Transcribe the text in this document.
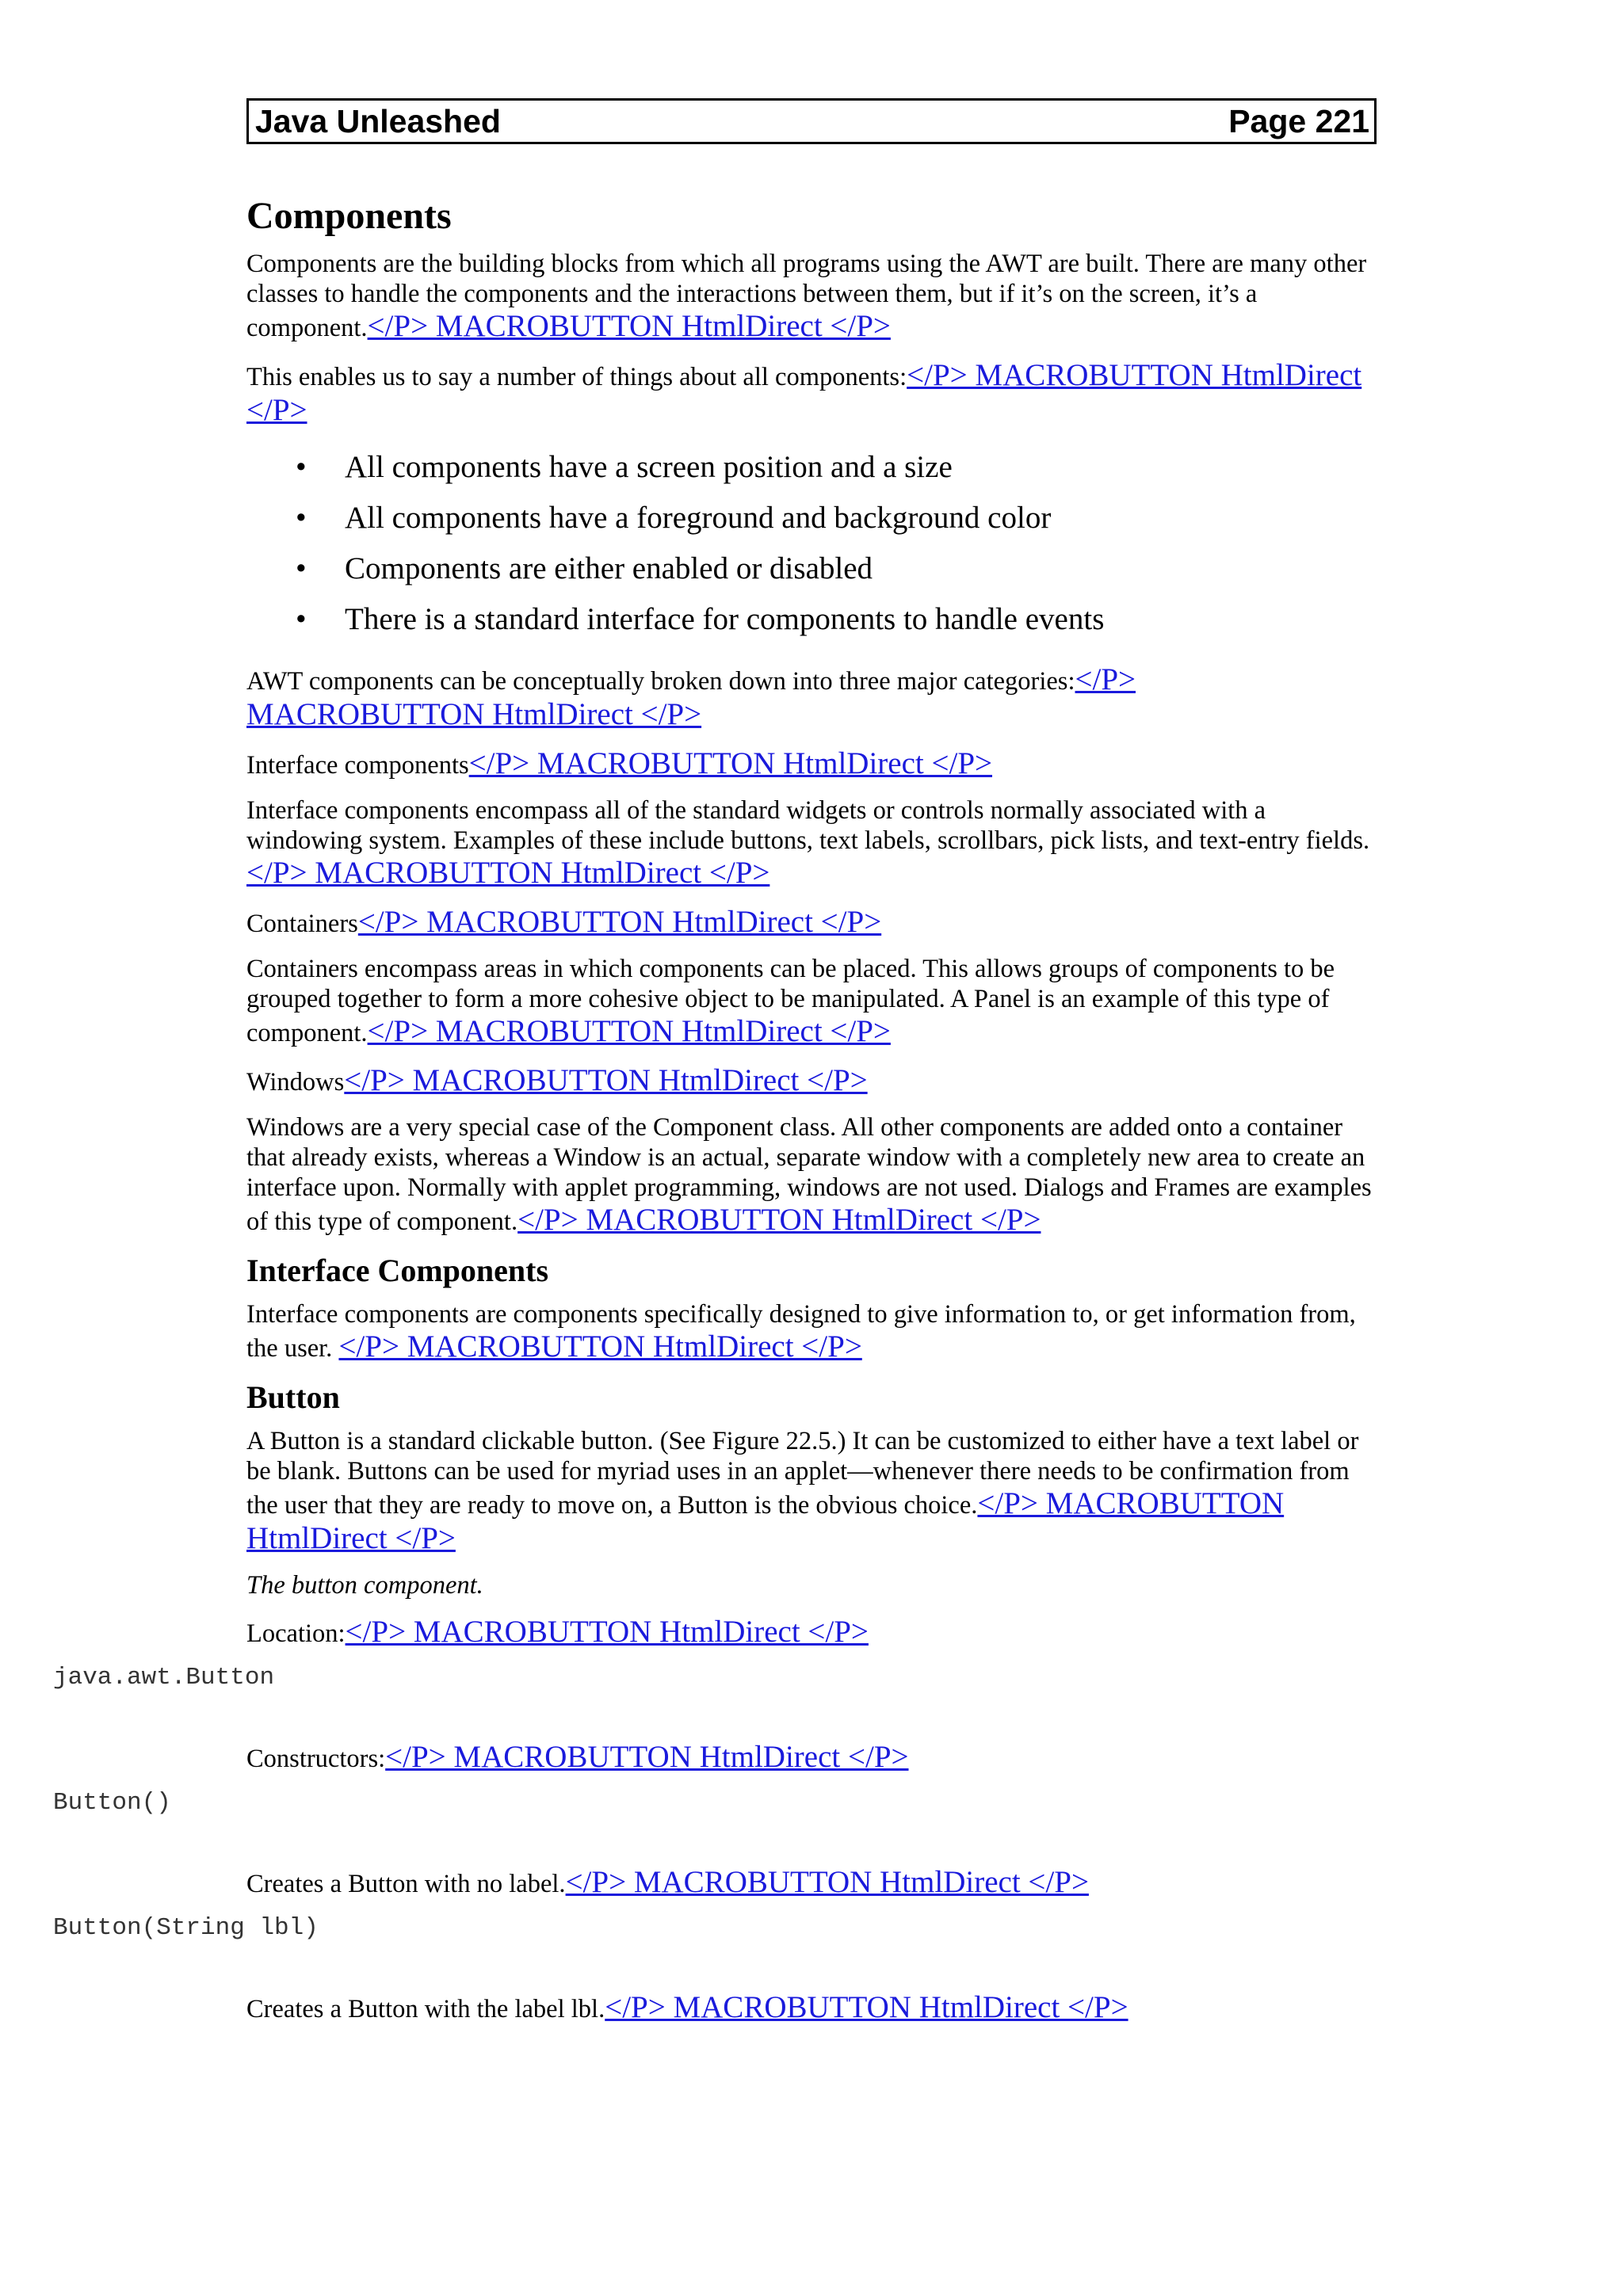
Java Unleashed	Page 221
Components

Components are the building blocks from which all programs using the AWT are built. There are many other classes to handle the components and the interactions between them, but if it’s on the screen, it’s a component.</P> MACROBUTTON HtmlDirect </P>

This enables us to say a number of things about all components:</P> MACROBUTTON HtmlDirect </P>

• All components have a screen position and a size
• All components have a foreground and background color
• Components are either enabled or disabled
• There is a standard interface for components to handle events

AWT components can be conceptually broken down into three major categories:</P> MACROBUTTON HtmlDirect </P>

Interface components</P> MACROBUTTON HtmlDirect </P>

Interface components encompass all of the standard widgets or controls normally associated with a windowing system. Examples of these include buttons, text labels, scrollbars, pick lists, and text-entry fields.</P> MACROBUTTON HtmlDirect </P>

Containers</P> MACROBUTTON HtmlDirect </P>

Containers encompass areas in which components can be placed. This allows groups of components to be grouped together to form a more cohesive object to be manipulated. A Panel is an example of this type of component.</P> MACROBUTTON HtmlDirect </P>

Windows</P> MACROBUTTON HtmlDirect </P>

Windows are a very special case of the Component class. All other components are added onto a container that already exists, whereas a Window is an actual, separate window with a completely new area to create an interface upon. Normally with applet programming, windows are not used. Dialogs and Frames are examples of this type of component.</P> MACROBUTTON HtmlDirect </P>

Interface Components

Interface components are components specifically designed to give information to, or get information from, the user. </P> MACROBUTTON HtmlDirect </P>

Button

A Button is a standard clickable button. (See Figure 22.5.) It can be customized to either have a text label or be blank. Buttons can be used for myriad uses in an applet—whenever there needs to be confirmation from the user that they are ready to move on, a Button is the obvious choice.</P> MACROBUTTON HtmlDirect </P>

The button component.

Location:</P> MACROBUTTON HtmlDirect </P>

java.awt.Button

Constructors:</P> MACROBUTTON HtmlDirect </P>

Button()

Creates a Button with no label.</P> MACROBUTTON HtmlDirect </P>

Button(String lbl)

Creates a Button with the label lbl.</P> MACROBUTTON HtmlDirect </P>
